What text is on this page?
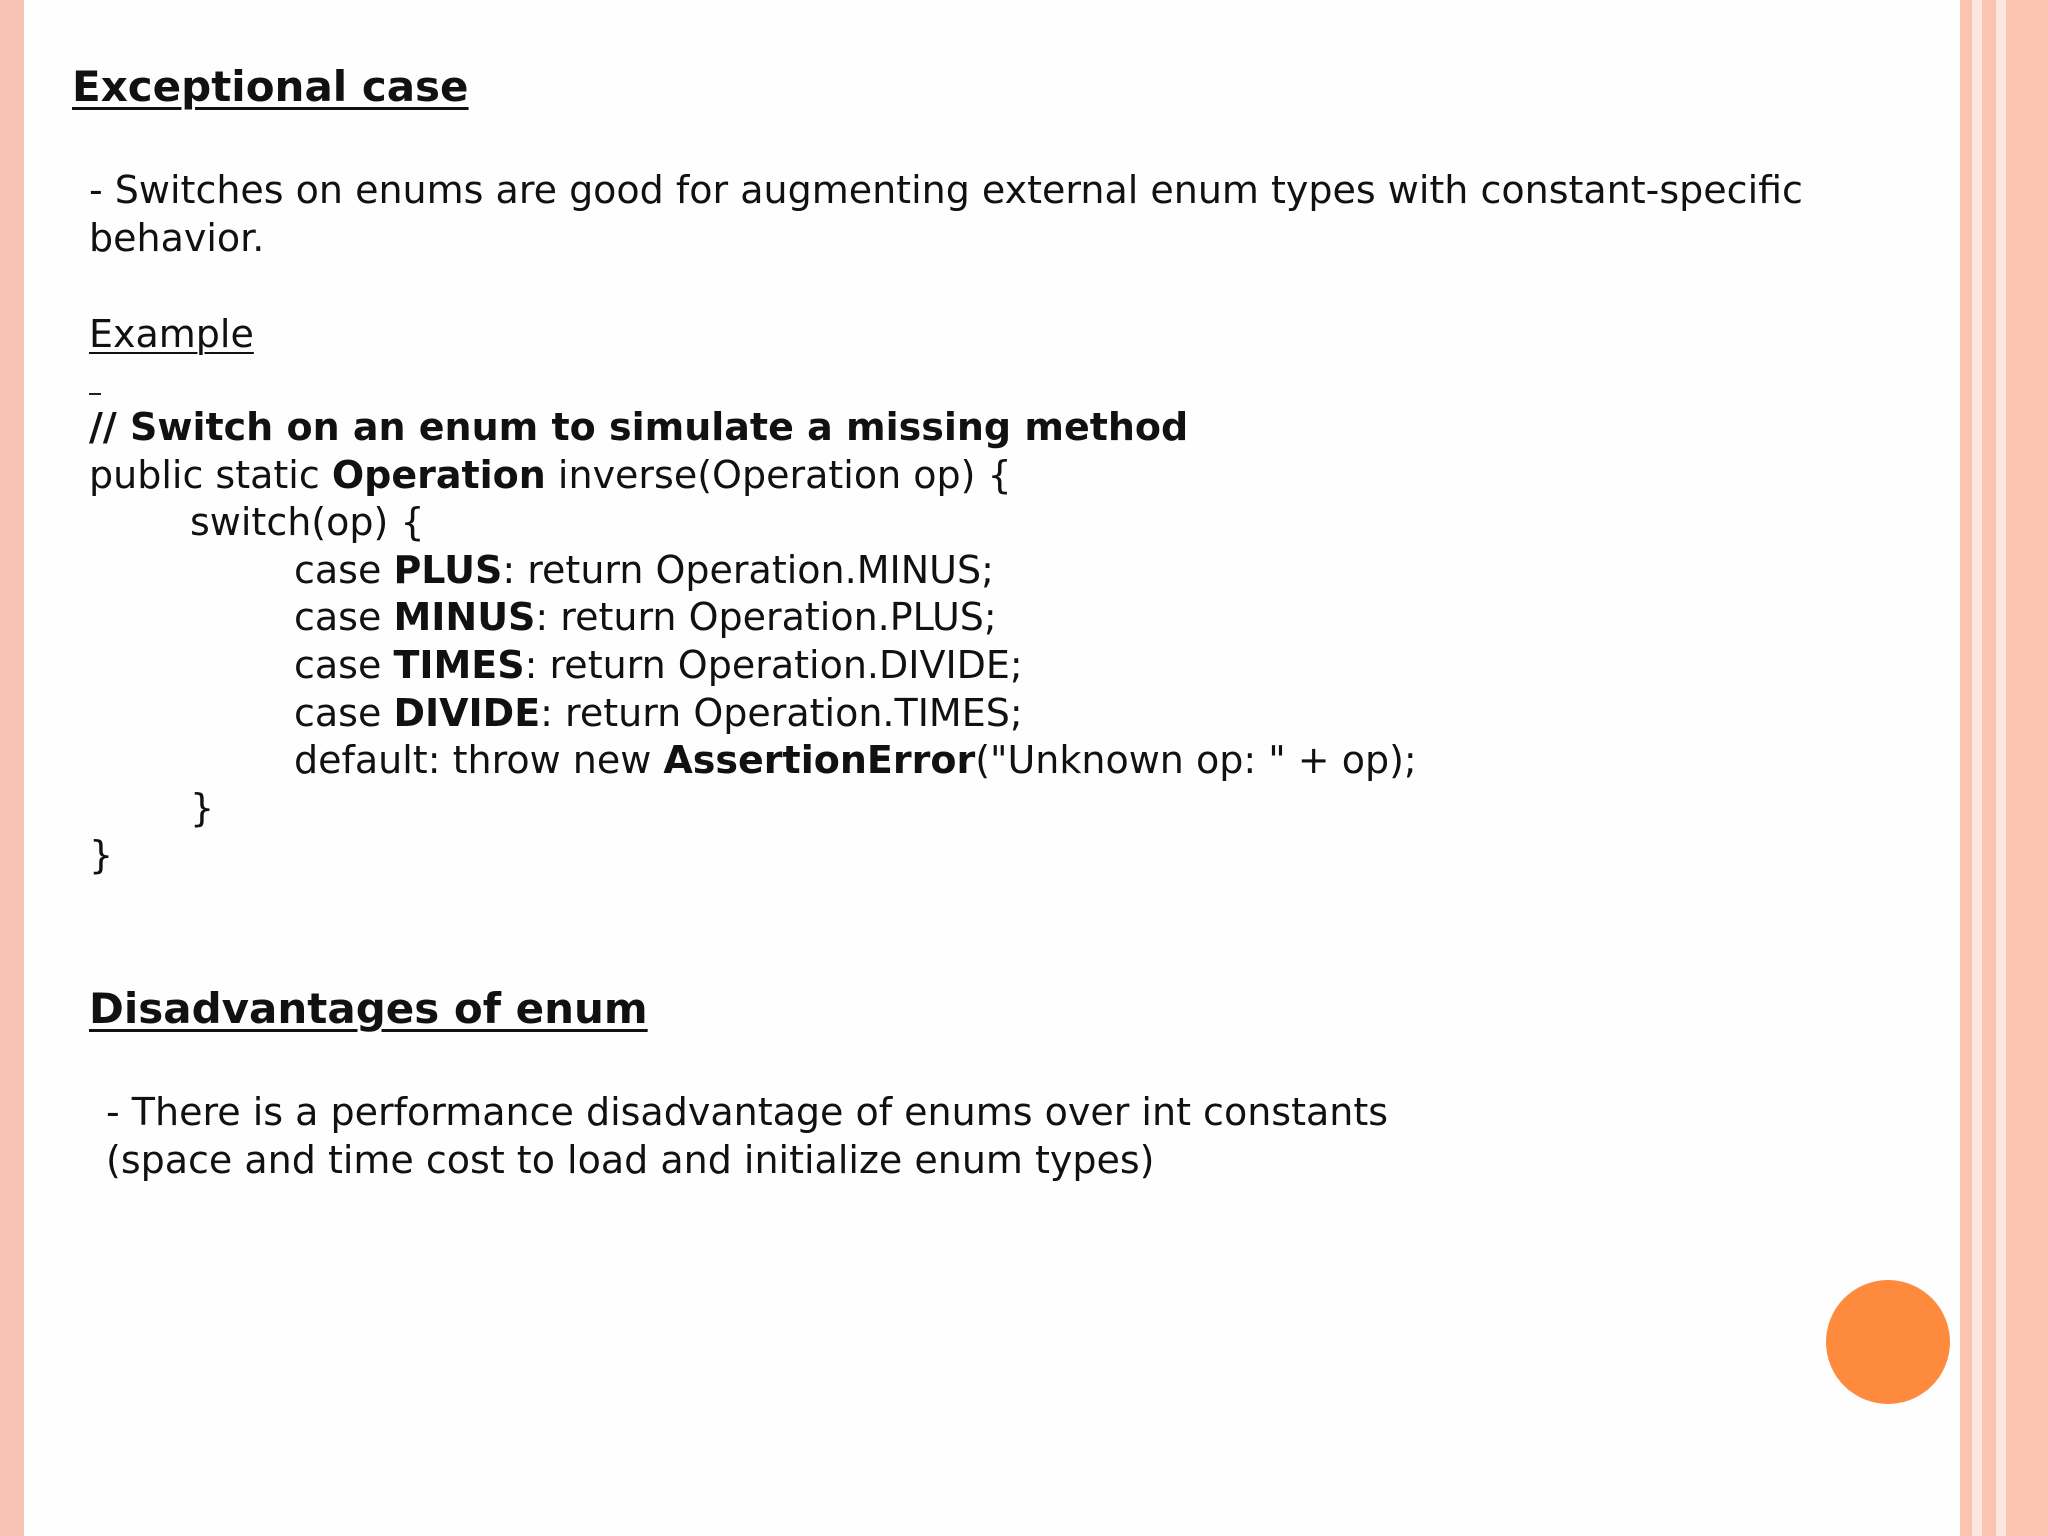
Exceptional case
- Switches on enums are good for augmenting external enum types with constant-specific
behavior.
Example
// Switch on an enum to simulate a missing method
public static Operation inverse(Operation op) {
switch(op) {
case PLUS: return Operation.MINUS;
case MINUS: return Operation.PLUS;
case TIMES: return Operation.DIVIDE;
case DIVIDE: return Operation.TIMES;
default: throw new AssertionError("Unknown op: " + op);
}
}
Disadvantages of enum
- There is a performance disadvantage of enums over int constants
(space and time cost to load and initialize enum types)
